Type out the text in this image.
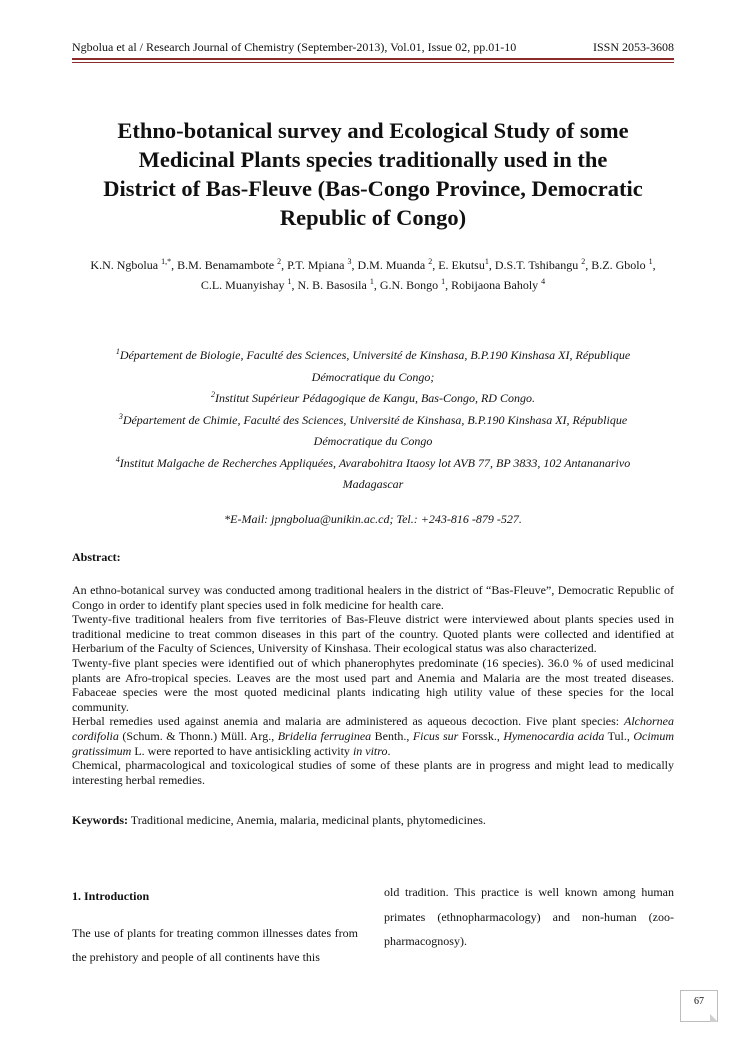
Ngbolua et al / Research Journal of Chemistry (September-2013), Vol.01, Issue 02, pp.01-10	ISSN 2053-3608
Ethno-botanical survey and Ecological Study of some
Medicinal Plants species traditionally used in the
District of Bas-Fleuve (Bas-Congo Province, Democratic
Republic of Congo)
K.N. Ngbolua $^{1,*}$, B.M. Benamambote $^2$, P.T. Mpiana $^3$, D.M. Muanda $^2$, E. Ekutsu$^1$, D.S.T. Tshibangu $^2$, B.Z. Gbolo $^1$,
C.L. Muanyishay $^1$, N. B. Basosila $^1$, G.N. Bongo $^1$, Robijaona Baholy $^4$
$^1$Département de Biologie, Faculté des Sciences, Université de Kinshasa, B.P.190 Kinshasa XI, République
Démocratique du Congo;
$^2$Institut Supérieur Pédagogique de Kangu, Bas-Congo, RD Congo.
$^3$Département de Chimie, Faculté des Sciences, Université de Kinshasa, B.P.190 Kinshasa XI, République
Démocratique du Congo
$^4$Institut Malgache de Recherches Appliquées, Avarabohitra Itaosy lot AVB 77, BP 3833, 102 Antananarivo
Madagascar
*E-Mail: jpngbolua@unikin.ac.cd; Tel.: +243-816 -879 -527.
Abstract:

An ethno-botanical survey was conducted among traditional healers in the district of “Bas-Fleuve”, Democratic Republic of Congo in order to identify plant species used in folk medicine for health care.

Twenty-five traditional healers from five territories of Bas-Fleuve district were interviewed about plants species used in traditional medicine to treat common diseases in this part of the country. Quoted plants were collected and identified at Herbarium of the Faculty of Sciences, University of Kinshasa. Their ecological status was also characterized.

Twenty-five plant species were identified out of which phanerophytes predominate (16 species). 36.0 % of used medicinal plants are Afro-tropical species. Leaves are the most used part and Anemia and Malaria are the most treated diseases. Fabaceae species were the most quoted medicinal plants indicating high utility value of these species for the local community.

Herbal remedies used against anemia and malaria are administered as aqueous decoction. Five plant species: Alchornea cordifolia (Schum. & Thonn.) Müll. Arg., Bridelia ferruginea Benth., Ficus sur Forssk., Hymenocardia acida Tul., Ocimum gratissimum L. were reported to have antisickling activity in vitro.

Chemical, pharmacological and toxicological studies of some of these plants are in progress and might lead to medically interesting herbal remedies.

Keywords: Traditional medicine, Anemia, malaria, medicinal plants, phytomedicines.
1. Introduction

The use of plants for treating common illnesses dates from the prehistory and people of all continents have this

old tradition. This practice is well known among human primates (ethnopharmacology) and non-human (zoo-pharmacognosy).

67
